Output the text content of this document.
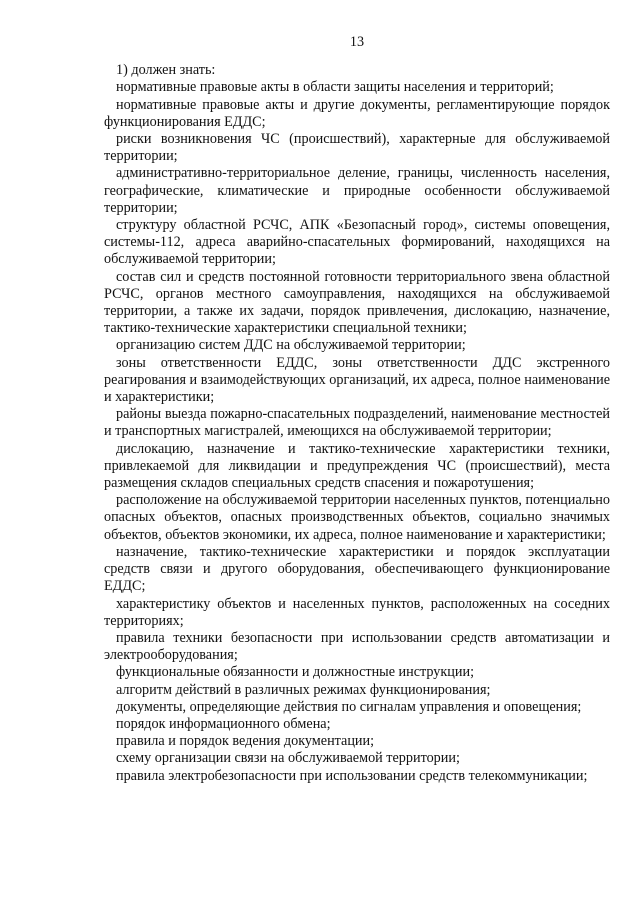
13

1) должен знать:

нормативные правовые акты в области защиты населения и территорий;

нормативные правовые акты и другие документы, регламентирующие порядок функционирования ЕДДС;

риски возникновения ЧС (происшествий), характерные для обслуживаемой территории;

административно-территориальное деление, границы, численность населения, географические, климатические и природные особенности обслуживаемой территории;

структуру областной РСЧС, АПК «Безопасный город», системы оповещения, системы-112, адреса аварийно-спасательных формирований, находящихся на обслуживаемой территории;

состав сил и средств постоянной готовности территориального звена областной РСЧС, органов местного самоуправления, находящихся на обслуживаемой территории, а также их задачи, порядок привлечения, дислокацию, назначение, тактико-технические характеристики специальной техники;

организацию систем ДДС на обслуживаемой территории;

зоны ответственности ЕДДС, зоны ответственности ДДС экстренного реагирования и взаимодействующих организаций, их адреса, полное наименование и характеристики;

районы выезда пожарно-спасательных подразделений, наименование местностей и транспортных магистралей, имеющихся на обслуживаемой территории;

дислокацию, назначение и тактико-технические характеристики техники, привлекаемой для ликвидации и предупреждения ЧС (происшествий), места размещения складов специальных средств спасения и пожаротушения;

расположение на обслуживаемой территории населенных пунктов, потенциально опасных объектов, опасных производственных объектов, социально значимых объектов, объектов экономики, их адреса, полное наименование и характеристики;

назначение, тактико-технические характеристики и порядок эксплуатации средств связи и другого оборудования, обеспечивающего функционирование ЕДДС;

характеристику объектов и населенных пунктов, расположенных на соседних территориях;

правила техники безопасности при использовании средств автоматизации и электрооборудования;

функциональные обязанности и должностные инструкции;

алгоритм действий в различных режимах функционирования;

документы, определяющие действия по сигналам управления и оповещения;

порядок информационного обмена;

правила и порядок ведения документации;

схему организации связи на обслуживаемой территории;

правила электробезопасности при использовании средств телекоммуникации;
